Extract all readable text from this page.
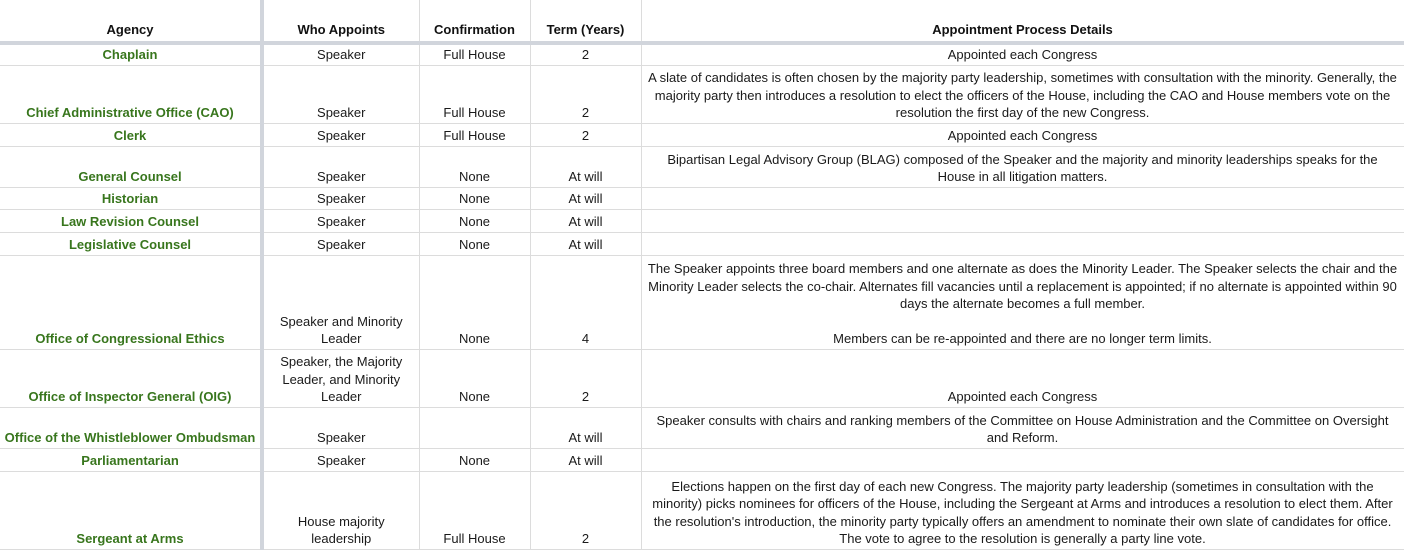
Agency	Who Appoints	Confirmation	Term (Years)	Appointment Process Details
Chaplain	Speaker	Full House	2	Appointed each Congress
Chief Administrative Office (CAO)	Speaker	Full House	2	A slate of candidates is often chosen by the majority party leadership, sometimes with consultation with the minority. Generally, the majority party then introduces a resolution to elect the officers of the House, including the CAO and House members vote on the resolution the first day of the new Congress.
Clerk	Speaker	Full House	2	Appointed each Congress
General Counsel	Speaker	None	At will	Bipartisan Legal Advisory Group (BLAG) composed of the Speaker and the majority and minority leaderships speaks for the House in all litigation matters.
Historian	Speaker	None	At will	
Law Revision Counsel	Speaker	None	At will	
Legislative Counsel	Speaker	None	At will	
Office of Congressional Ethics	Speaker and Minority Leader	None	4	The Speaker appoints three board members and one alternate as does the Minority Leader. The Speaker selects the chair and the Minority Leader selects the co-chair. Alternates fill vacancies until a replacement is appointed; if no alternate is appointed within 90 days the alternate becomes a full member.
Members can be re-appointed and there are no longer term limits.
Office of Inspector General (OIG)	Speaker, the Majority Leader, and Minority Leader	None	2	Appointed each Congress
Office of the Whistleblower Ombudsman	Speaker		At will	Speaker consults with chairs and ranking members of the Committee on House Administration and the Committee on Oversight and Reform.
Parliamentarian	Speaker	None	At will	
Sergeant at Arms	House majority leadership	Full House	2	Elections happen on the first day of each new Congress. The majority party leadership (sometimes in consultation with the minority) picks nominees for officers of the House, including the Sergeant at Arms and introduces a resolution to elect them. After the resolution's introduction, the minority party typically offers an amendment to nominate their own slate of candidates for office. The vote to agree to the resolution is generally a party line vote.
